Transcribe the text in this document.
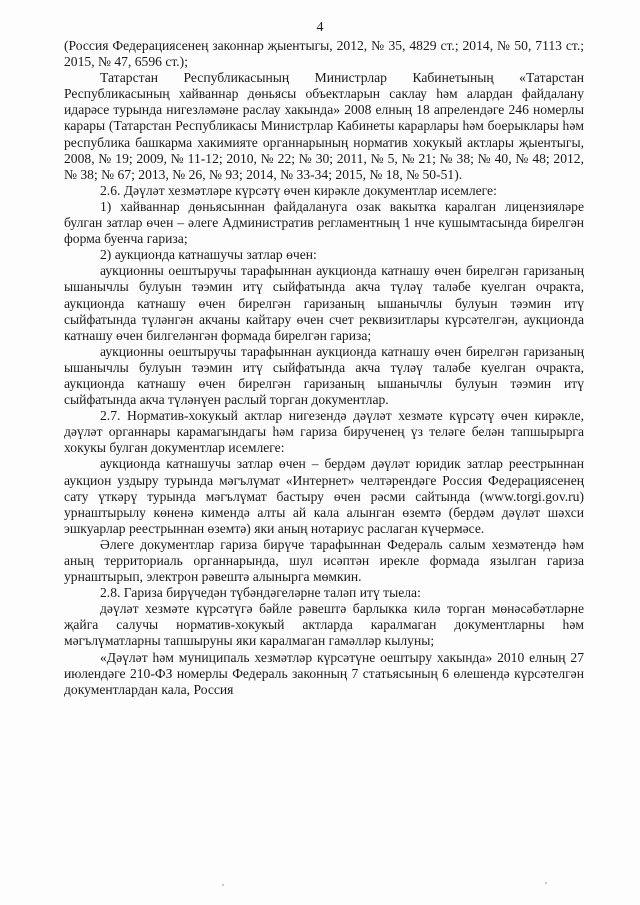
4

(Россия Федерациясенең законнар җыентыгы, 2012, № 35, 4829 ст.; 2014, № 50, 7113 ст.; 2015, № 47, 6596 ст.);

Татарстан Республикасының Министрлар Кабинетының «Татарстан Республикасының хайваннар дөньясы объектларын саклау һәм алардан файдалану идарәсе турында нигезләмәне раслау хакында» 2008 елның 18 апрелендәге 246 номерлы карары (Татарстан Республикасы Министрлар Кабинеты карарлары һәм боерыклары һәм республика башкарма хакимияте органнарының норматив хокукый актлары җыентыгы, 2008, № 19; 2009, № 11-12; 2010, № 22; № 30; 2011, № 5, № 21; № 38; № 40, № 48; 2012, № 38; № 67; 2013, № 26, № 93; 2014, № 33-34; 2015, № 18, № 50-51).

2.6. Дәүләт хезмәтләре күрсәтү өчен кирәкле документлар исемлеге:

1) хайваннар дөньясыннан файдалануга озак вакытка каралган лицензияләре булган затлар өчен – әлеге Административ регламентның 1 нче кушымтасында бирелгән форма буенча гариза;

2) аукционда катнашучы затлар өчен:

аукционны оештыручы тарафыннан аукционда катнашу өчен бирелгән гаризаның ышанычлы булуын тәэмин итү сыйфатында акча түләү таләбе куелган очракта, аукционда катнашу өчен бирелгән гаризаның ышанычлы булуын тәэмин итү сыйфатында түләнгән акчаны кайтару өчен счет реквизитлары күрсәтелгән, аукционда катнашу өчен билгеләнгән формада бирелгән гариза;

аукционны оештыручы тарафыннан аукционда катнашу өчен бирелгән гаризаның ышанычлы булуын тәэмин итү сыйфатында акча түләү таләбе куелган очракта, аукционда катнашу өчен бирелгән гаризаның ышанычлы булуын тәэмин итү сыйфатында акча түләнүен раслый торган документлар.

2.7. Норматив-хокукый актлар нигезендә дәүләт хезмәте күрсәтү өчен кирәкле, дәүләт органнары карамагындагы һәм гариза бирученең үз теләге белән тапшырырга хокукы булган документлар исемлеге:

аукционда катнашучы затлар өчен – бердәм дәүләт юридик затлар реестрыннан аукцион уздыру турында мәгълүмат «Интернет» челтәрендәге Россия Федерациясенең сату үткәрү турында мәгълүмат бастыру өчен рәсми сайтында (www.torgi.gov.ru) урнаштырылу көненә кимендә алты ай кала алынган өземтә (бердәм дәүләт шәхси эшкуарлар реестрыннан өземтә) яки аның нотариус раслаган күчермәсе.

Әлеге документлар гариза бирүче тарафыннан Федераль салым хезмәтендә һәм аның территориаль органнарында, шул исәптән ирекле формада язылган гариза урнаштырып, электрон рәвештә алынырга мөмкин.

2.8. Гариза бирүчедән түбәндәгеләрне таләп итү тыела:

дәүләт хезмәте күрсәтүгә бәйле рәвештә барлыкка килә торган мөнәсәбәтләрне җайга салучы норматив-хокукый актларда каралмаган документларны һәм мәгълүматларны тапшыруны яки каралмаган гамәлләр кылуны;

«Дәүләт һәм муниципаль хезмәтләр күрсәтүне оештыру хакында» 2010 елның 27 июлендәге 210-ФЗ номерлы Федераль законның 7 статьясының 6 өлешендә күрсәтелгән документлардан кала, Россия
